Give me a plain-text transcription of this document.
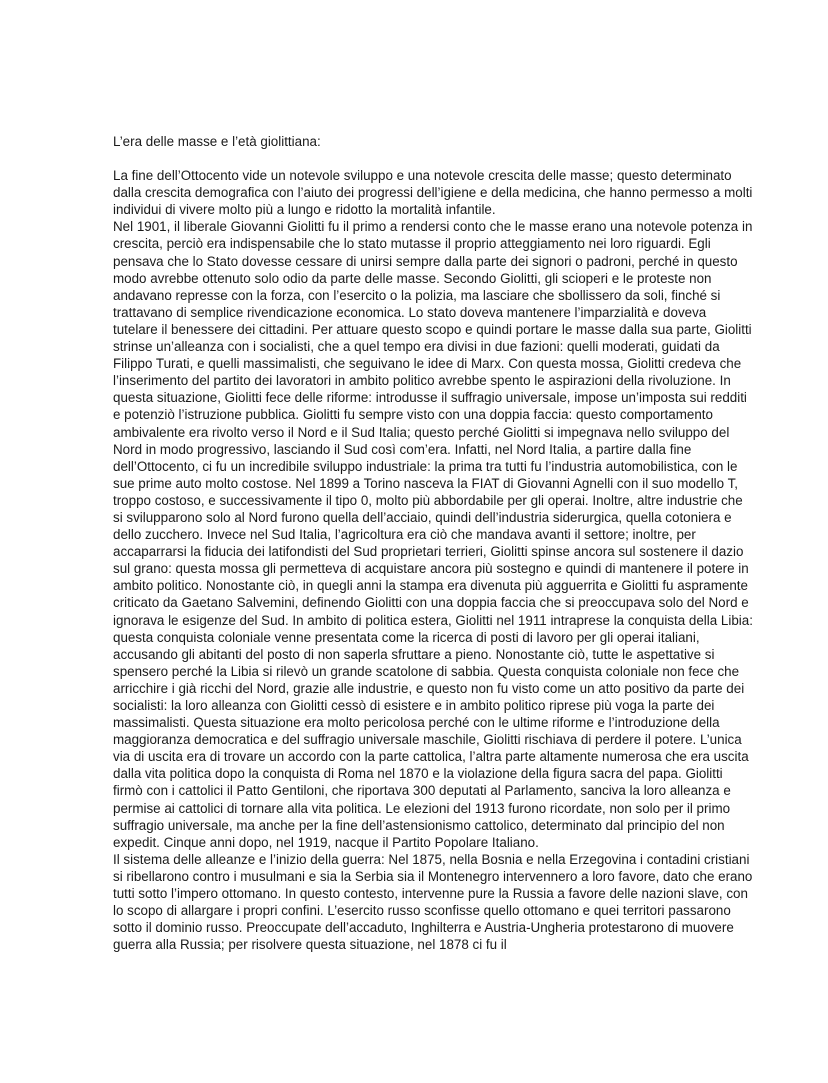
L’era delle masse e l’età giolittiana:

La fine dell’Ottocento vide un notevole sviluppo e una notevole crescita delle masse; questo determinato dalla crescita demografica con l’aiuto dei progressi dell’igiene e della medicina, che hanno permesso a molti individui di vivere molto più a lungo e ridotto la mortalità infantile.

Nel 1901, il liberale Giovanni Giolitti fu il primo a rendersi conto che le masse erano una notevole potenza in crescita, perciò era indispensabile che lo stato mutasse il proprio atteggiamento nei loro riguardi. Egli pensava che lo Stato dovesse cessare di unirsi sempre dalla parte dei signori o padroni, perché in questo modo avrebbe ottenuto solo odio da parte delle masse. Secondo Giolitti, gli scioperi e le proteste non andavano represse con la forza, con l’esercito o la polizia, ma lasciare che sbollissero da soli, finché si trattavano di semplice rivendicazione economica. Lo stato doveva mantenere l’imparzialità e doveva tutelare il benessere dei cittadini. Per attuare questo scopo e quindi portare le masse dalla sua parte, Giolitti strinse un’alleanza con i socialisti, che a quel tempo era divisi in due fazioni: quelli moderati, guidati da Filippo Turati, e quelli massimalisti, che seguivano le idee di Marx. Con questa mossa, Giolitti credeva che l’inserimento del partito dei lavoratori in ambito politico avrebbe spento le aspirazioni della rivoluzione. In questa situazione, Giolitti fece delle riforme: introdusse il suffragio universale, impose un’imposta sui redditi e potenziò l’istruzione pubblica. Giolitti fu sempre visto con una doppia faccia: questo comportamento ambivalente era rivolto verso il Nord e il Sud Italia; questo perché Giolitti si impegnava nello sviluppo del Nord in modo progressivo, lasciando il Sud così com’era. Infatti, nel Nord Italia, a partire dalla fine dell’Ottocento, ci fu un incredibile sviluppo industriale: la prima tra tutti fu l’industria automobilistica, con le sue prime auto molto costose. Nel 1899 a Torino nasceva la FIAT di Giovanni Agnelli con il suo modello T, troppo costoso, e successivamente il tipo 0, molto più abbordabile per gli operai. Inoltre, altre industrie che si svilupparono solo al Nord furono quella dell’acciaio, quindi dell’industria siderurgica, quella cotoniera e dello zucchero. Invece nel Sud Italia, l’agricoltura era ciò che mandava avanti il settore; inoltre, per accaparrarsi la fiducia dei latifondisti del Sud proprietari terrieri, Giolitti spinse ancora sul sostenere il dazio sul grano: questa mossa gli permetteva di acquistare ancora più sostegno e quindi di mantenere il potere in ambito politico. Nonostante ciò, in quegli anni la stampa era divenuta più agguerrita e Giolitti fu aspramente criticato da Gaetano Salvemini, definendo Giolitti con una doppia faccia che si preoccupava solo del Nord e ignorava le esigenze del Sud. In ambito di politica estera, Giolitti nel 1911 intraprese la conquista della Libia: questa conquista coloniale venne presentata come la ricerca di posti di lavoro per gli operai italiani, accusando gli abitanti del posto di non saperla sfruttare a pieno. Nonostante ciò, tutte le aspettative si spensero perché la Libia si rilevò un grande scatolone di sabbia. Questa conquista coloniale non fece che arricchire i già ricchi del Nord, grazie alle industrie, e questo non fu visto come un atto positivo da parte dei socialisti: la loro alleanza con Giolitti cessò di esistere e in ambito politico riprese più voga la parte dei massimalisti. Questa situazione era molto pericolosa perché con le ultime riforme e l’introduzione della maggioranza democratica e del suffragio universale maschile, Giolitti rischiava di perdere il potere. L’unica via di uscita era di trovare un accordo con la parte cattolica, l’altra parte altamente numerosa che era uscita dalla vita politica dopo la conquista di Roma nel 1870 e la violazione della figura sacra del papa. Giolitti firmò con i cattolici il Patto Gentiloni, che riportava 300 deputati al Parlamento, sanciva la loro alleanza e permise ai cattolici di tornare alla vita politica. Le elezioni del 1913 furono ricordate, non solo per il primo suffragio universale, ma anche per la fine dell’astensionismo cattolico, determinato dal principio del non expedit. Cinque anni dopo, nel 1919, nacque il Partito Popolare Italiano.

Il sistema delle alleanze e l’inizio della guerra: Nel 1875, nella Bosnia e nella Erzegovina i contadini cristiani si ribellarono contro i musulmani e sia la Serbia sia il Montenegro intervennero a loro favore, dato che erano tutti sotto l’impero ottomano. In questo contesto, intervenne pure la Russia a favore delle nazioni slave, con lo scopo di allargare i propri confini. L’esercito russo sconfisse quello ottomano e quei territori passarono sotto il dominio russo. Preoccupate dell’accaduto, Inghilterra e Austria-Ungheria protestarono di muovere guerra alla Russia; per risolvere questa situazione, nel 1878 ci fu il
